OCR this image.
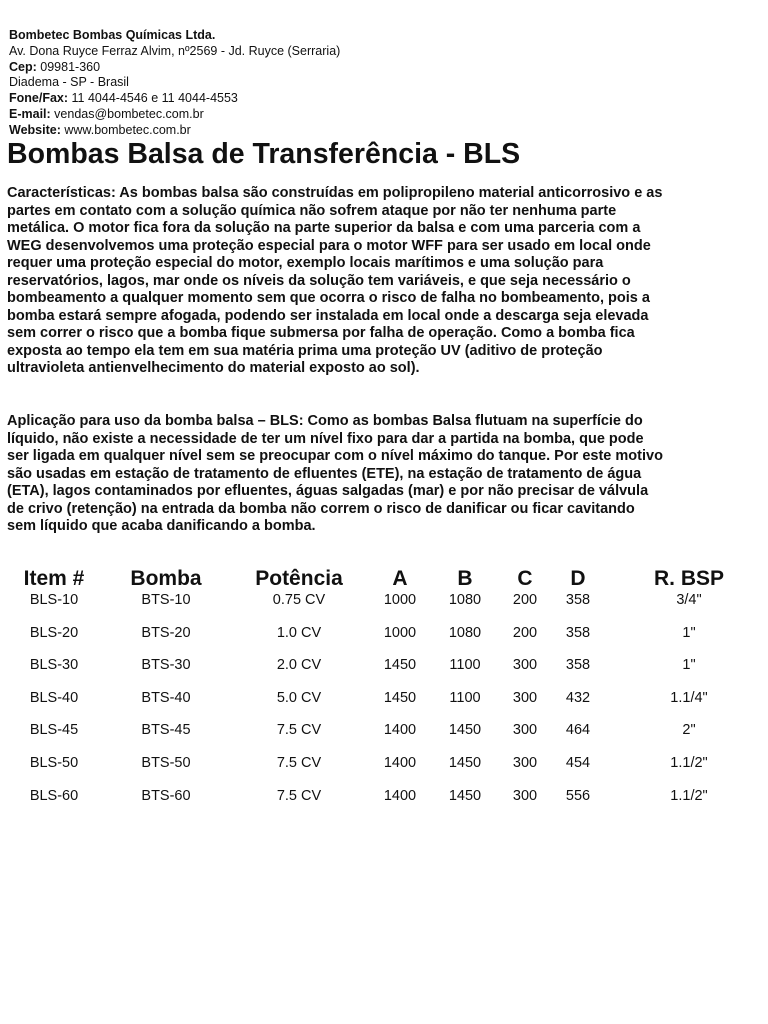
Bombetec Bombas Químicas Ltda.
Av. Dona Ruyce Ferraz Alvim, nº2569 - Jd. Ruyce (Serraria)
Cep: 09981-360
Diadema - SP - Brasil
Fone/Fax: 11 4044-4546 e 11 4044-4553
E-mail: vendas@bombetec.com.br
Website: www.bombetec.com.br
Bombas Balsa de Transferência - BLS

Características: As bombas balsa são construídas em polipropileno material anticorrosivo e as partes em contato com a solução química não sofrem ataque por não ter nenhuma parte metálica. O motor fica fora da solução na parte superior da balsa e com uma parceria com a WEG desenvolvemos uma proteção especial para o motor WFF para ser usado em local onde requer uma proteção especial do motor, exemplo locais marítimos e uma solução para reservatórios, lagos, mar onde os níveis da solução tem variáveis, e que seja necessário o bombeamento a qualquer momento sem que ocorra o risco de falha no bombeamento, pois a bomba estará sempre afogada, podendo ser instalada em local onde a descarga seja elevada sem correr o risco que a bomba fique submersa por falha de operação. Como a bomba fica exposta ao tempo ela tem em sua matéria prima uma proteção UV (aditivo de proteção ultravioleta antienvelhecimento do material exposto ao sol).

Aplicação para uso da bomba balsa – BLS: Como as bombas Balsa flutuam na superfície do líquido, não existe a necessidade de ter um nível fixo para dar a partida na bomba, que pode ser ligada em qualquer nível sem se preocupar com o nível máximo do tanque. Por este motivo são usadas em estação de tratamento de efluentes (ETE), na estação de tratamento de água (ETA), lagos contaminados por efluentes, águas salgadas (mar) e por não precisar de válvula de crivo (retenção) na entrada da bomba não correm o risco de danificar ou ficar cavitando sem líquido que acaba danificando a bomba.

Item #	Bomba	Potência	A	B	C	D	R. BSP
BLS-10	BTS-10	0.75 CV	1000	1080	200	358	3/4"
BLS-20	BTS-20	1.0 CV	1000	1080	200	358	1"
BLS-30	BTS-30	2.0 CV	1450	1100	300	358	1"
BLS-40	BTS-40	5.0 CV	1450	1100	300	432	1.1/4"
BLS-45	BTS-45	7.5 CV	1400	1450	300	464	2"
BLS-50	BTS-50	7.5 CV	1400	1450	300	454	1.1/2"
BLS-60	BTS-60	7.5 CV	1400	1450	300	556	1.1/2"
